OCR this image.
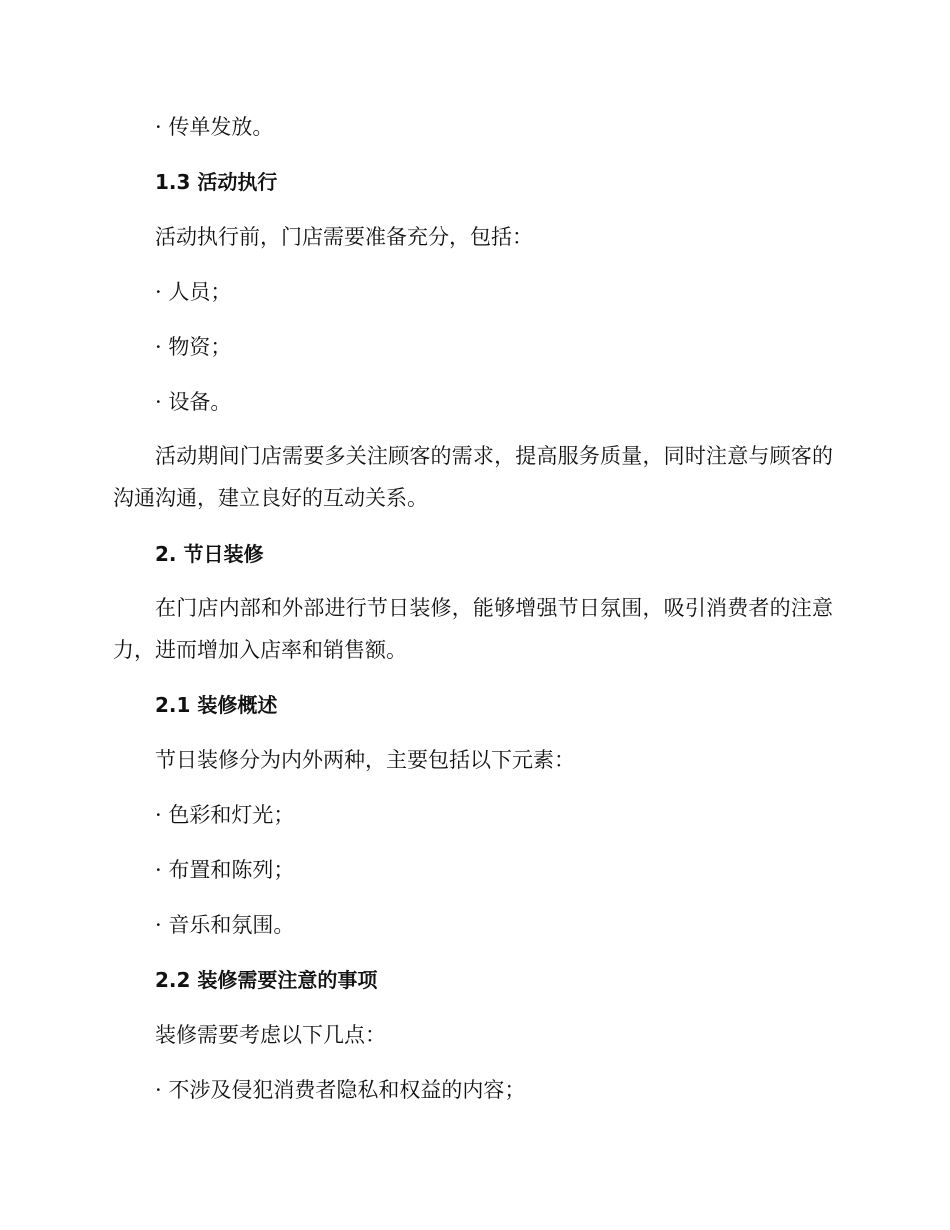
· 传单发放。
1.3 活动执行
活动执行前，门店需要准备充分，包括：
· 人员；
· 物资；
· 设备。
活动期间门店需要多关注顾客的需求，提高服务质量，同时注意与顾客的沟通沟通，建立良好的互动关系。
2. 节日装修
在门店内部和外部进行节日装修，能够增强节日氛围，吸引消费者的注意力，进而增加入店率和销售额。
2.1 装修概述
节日装修分为内外两种，主要包括以下元素：
· 色彩和灯光；
· 布置和陈列；
· 音乐和氛围。
2.2 装修需要注意的事项
装修需要考虑以下几点：
· 不涉及侵犯消费者隐私和权益的内容；
